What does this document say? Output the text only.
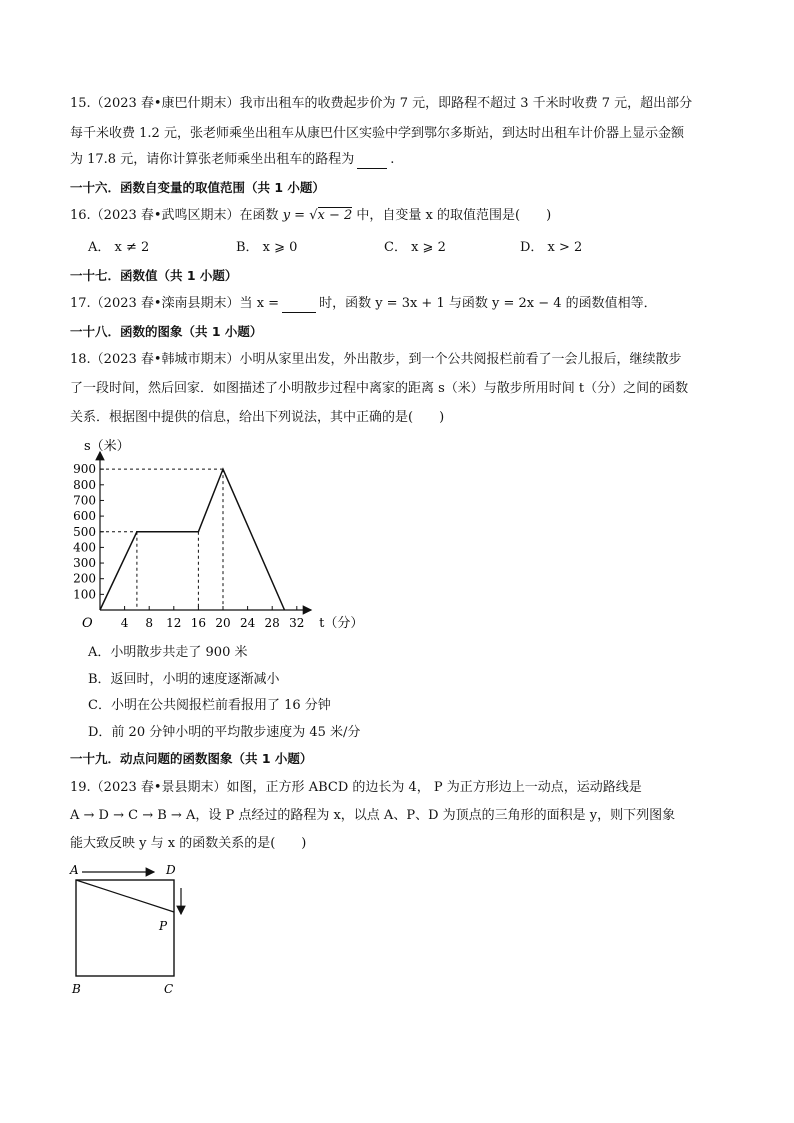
15.（2023 春•康巴什期末）我市出租车的收费起步价为 7 元，即路程不超过 3 千米时收费 7 元，超出部分
每千米收费 1.2 元，张老师乘坐出租车从康巴什区实验中学到鄂尔多斯站，到达时出租车计价器上显示金额
为 17.8 元，请你计算张老师乘坐出租车的路程为	.
一十六．函数自变量的取值范围（共 1 小题）
16.（2023 春•武鸣区期末）在函数 y = √x − 2 中，自变量 x 的取值范围是(　　)
A． x ≠ 2	B． x ⩾ 0	C． x ⩾ 2	D． x > 2
一十七．函数值（共 1 小题）
17.（2023 春•滦南县期末）当 x =	时，函数 y = 3x + 1 与函数 y = 2x − 4 的函数值相等．
一十八．函数的图象（共 1 小题）
18.（2023 春•韩城市期末）小明从家里出发，外出散步，到一个公共阅报栏前看了一会儿报后，继续散步
了一段时间，然后回家．如图描述了小明散步过程中离家的距离 s（米）与散步所用时间 t（分）之间的函数
关系．根据图中提供的信息，给出下列说法，其中正确的是(　　)
100
200
300
400
500
600
700
800
900
4 8 12 16 20 24 28 32
s（米）
t（分）
O
A．小明散步共走了 900 米
B．返回时，小明的速度逐渐减小
C．小明在公共阅报栏前看报用了 16 分钟
D．前 20 分钟小明的平均散步速度为 45 米/分
一十九．动点问题的函数图象（共 1 小题）
19.（2023 春•景县期末）如图，正方形 ABCD 的边长为 4， P 为正方形边上一动点，运动路线是
A → D → C → B → A，设 P 点经过的路程为 x，以点 A、P、D 为顶点的三角形的面积是 y，则下列图象
能大致反映 y 与 x 的函数关系的是(　　)
A	D
P
B	C
